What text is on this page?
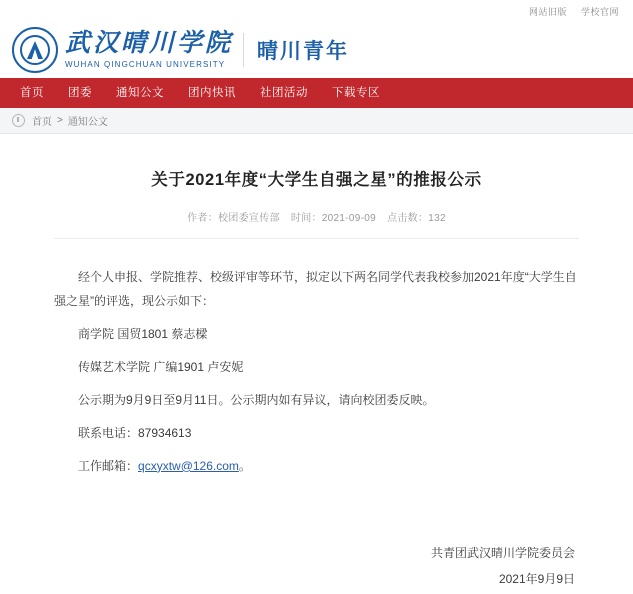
网站旧版 学校官网
武汉晴川学院
WUHAN QINGCHUAN UNIVERSITY
晴川青年
首页	团委	通知公文	团内快讯	社团活动	下载专区
首页 > 通知公文
关于2021年度“大学生自强之星”的推报公示
作者：校团委宣传部 时间：2021-09-09 点击数：132

经个人申报、学院推荐、校级评审等环节，拟定以下两名同学代表我校参加2021年度“大学生自强之星”的评选，现公示如下：

商学院 国贸1801 蔡志樑

传媒艺术学院 广编1901 卢安妮

公示期为9月9日至9月11日。公示期内如有异议，请向校团委反映。

联系电话：87934613

工作邮箱：qcxyxtw@126.com。

共青团武汉晴川学院委员会
2021年9月9日
